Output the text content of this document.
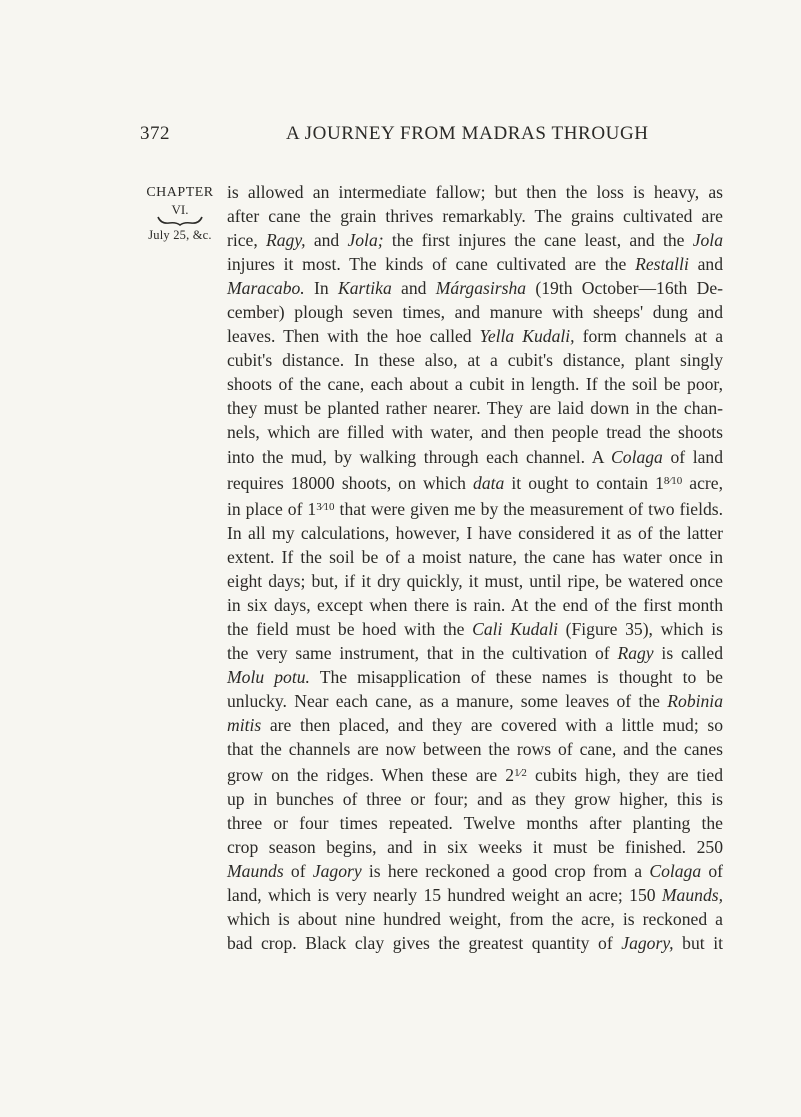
372	A JOURNEY FROM MADRAS THROUGH
CHAPTER
VI.
July 25, &c.
is allowed an intermediate fallow; but then the loss is heavy, as
after cane the grain thrives remarkably. The grains cultivated are
rice, Ragy, and Jola; the first injures the cane least, and the Jola
injures it most. The kinds of cane cultivated are the Restalli and
Maracabo. In Kartika and Márgasirsha (19th October—16th De-
cember) plough seven times, and manure with sheeps' dung and
leaves. Then with the hoe called Yella Kudali, form channels at a
cubit's distance. In these also, at a cubit's distance, plant singly
shoots of the cane, each about a cubit in length. If the soil be poor,
they must be planted rather nearer. They are laid down in the chan-
nels, which are filled with water, and then people tread the shoots
into the mud, by walking through each channel. A Colaga of land
requires 18000 shoots, on which data it ought to contain $1^{8⁄10}$ acre,
in place of $1^{3⁄10}$ that were given me by the measurement of two fields.
In all my calculations, however, I have considered it as of the latter
extent. If the soil be of a moist nature, the cane has water once in
eight days; but, if it dry quickly, it must, until ripe, be watered once
in six days, except when there is rain. At the end of the first month
the field must be hoed with the Cali Kudali (Figure 35), which is
the very same instrument, that in the cultivation of Ragy is called
Molu potu. The misapplication of these names is thought to be
unlucky. Near each cane, as a manure, some leaves of the Robinia
mitis are then placed, and they are covered with a little mud; so
that the channels are now between the rows of cane, and the canes
grow on the ridges. When these are $2^{1⁄2}$ cubits high, they are tied
up in bunches of three or four; and as they grow higher, this is
three or four times repeated. Twelve months after planting the
crop season begins, and in six weeks it must be finished. 250
Maunds of Jagory is here reckoned a good crop from a Colaga of
land, which is very nearly 15 hundred weight an acre; 150 Maunds,
which is about nine hundred weight, from the acre, is reckoned a
bad crop. Black clay gives the greatest quantity of Jagory, but it
